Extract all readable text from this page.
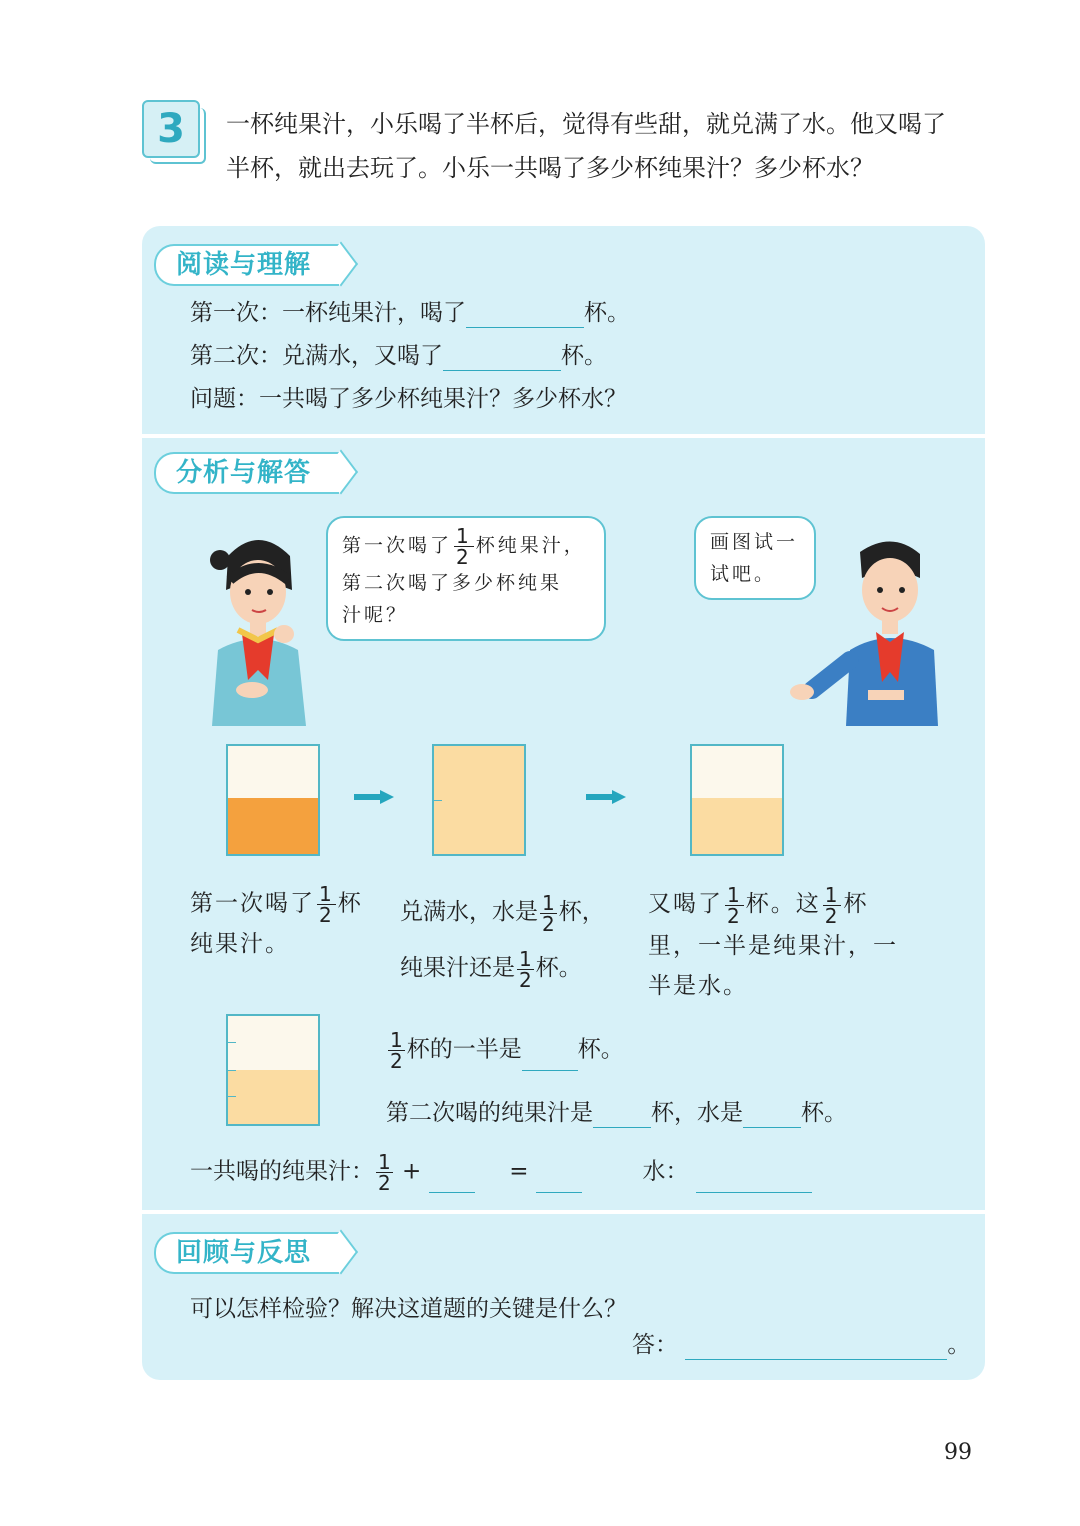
3	一杯纯果汁，小乐喝了半杯后，觉得有些甜，就兑满了水。他又喝了
半杯，就出去玩了。小乐一共喝了多少杯纯果汁？多少杯水？
阅读与理解
第一次：一杯纯果汁，喝了	杯。
第二次：兑满水，又喝了	杯。
问题：一共喝了多少杯纯果汁？多少杯水？
分析与解答
第一次喝了 $\frac{1}{2}$ 杯纯果汁，
第二次喝了多少杯纯果
汁呢？
画图试一
试吧。
第一次喝了 $\frac{1}{2}$ 杯
纯果汁。
兑满水，水是 $\frac{1}{2}$ 杯，
纯果汁还是 $\frac{1}{2}$ 杯。
又喝了 $\frac{1}{2}$ 杯。这 $\frac{1}{2}$ 杯
里，一半是纯果汁，一
半是水。
$\frac{1}{2}$ 杯的一半是 杯。
第二次喝的纯果汁是	杯，水是	杯。
一共喝的纯果汁： $\frac{1}{2}$ +	=	水：
回顾与反思
可以怎样检验？解决这道题的关键是什么？
答：	。
99
